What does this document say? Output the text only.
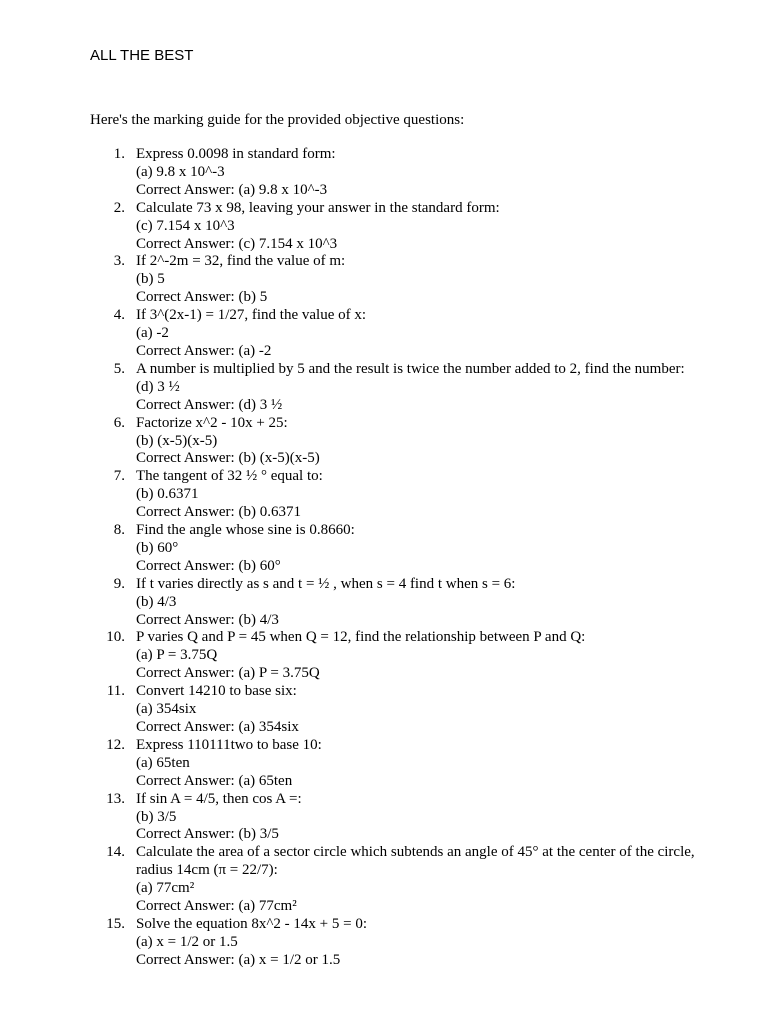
ALL THE BEST
Here's the marking guide for the provided objective questions:
1. Express 0.0098 in standard form:
(a) 9.8 x 10^-3
Correct Answer: (a) 9.8 x 10^-3
2. Calculate 73 x 98, leaving your answer in the standard form:
(c) 7.154 x 10^3
Correct Answer: (c) 7.154 x 10^3
3. If 2^-2m = 32, find the value of m:
(b) 5
Correct Answer: (b) 5
4. If 3^(2x-1) = 1/27, find the value of x:
(a) -2
Correct Answer: (a) -2
5. A number is multiplied by 5 and the result is twice the number added to 2, find the number:
(d) 3 ½
Correct Answer: (d) 3 ½
6. Factorize x^2 - 10x + 25:
(b) (x-5)(x-5)
Correct Answer: (b) (x-5)(x-5)
7. The tangent of 32 ½ ° equal to:
(b) 0.6371
Correct Answer: (b) 0.6371
8. Find the angle whose sine is 0.8660:
(b) 60°
Correct Answer: (b) 60°
9. If t varies directly as s and t = ½ , when s = 4 find t when s = 6:
(b) 4/3
Correct Answer: (b) 4/3
10. P varies Q and P = 45 when Q = 12, find the relationship between P and Q:
(a) P = 3.75Q
Correct Answer: (a) P = 3.75Q
11. Convert 14210 to base six:
(a) 354six
Correct Answer: (a) 354six
12. Express 110111two to base 10:
(a) 65ten
Correct Answer: (a) 65ten
13. If sin A = 4/5, then cos A =:
(b) 3/5
Correct Answer: (b) 3/5
14. Calculate the area of a sector circle which subtends an angle of 45° at the center of the circle, radius 14cm (π = 22/7):
(a) 77cm²
Correct Answer: (a) 77cm²
15. Solve the equation 8x^2 - 14x + 5 = 0:
(a) x = 1/2 or 1.5
Correct Answer: (a) x = 1/2 or 1.5
